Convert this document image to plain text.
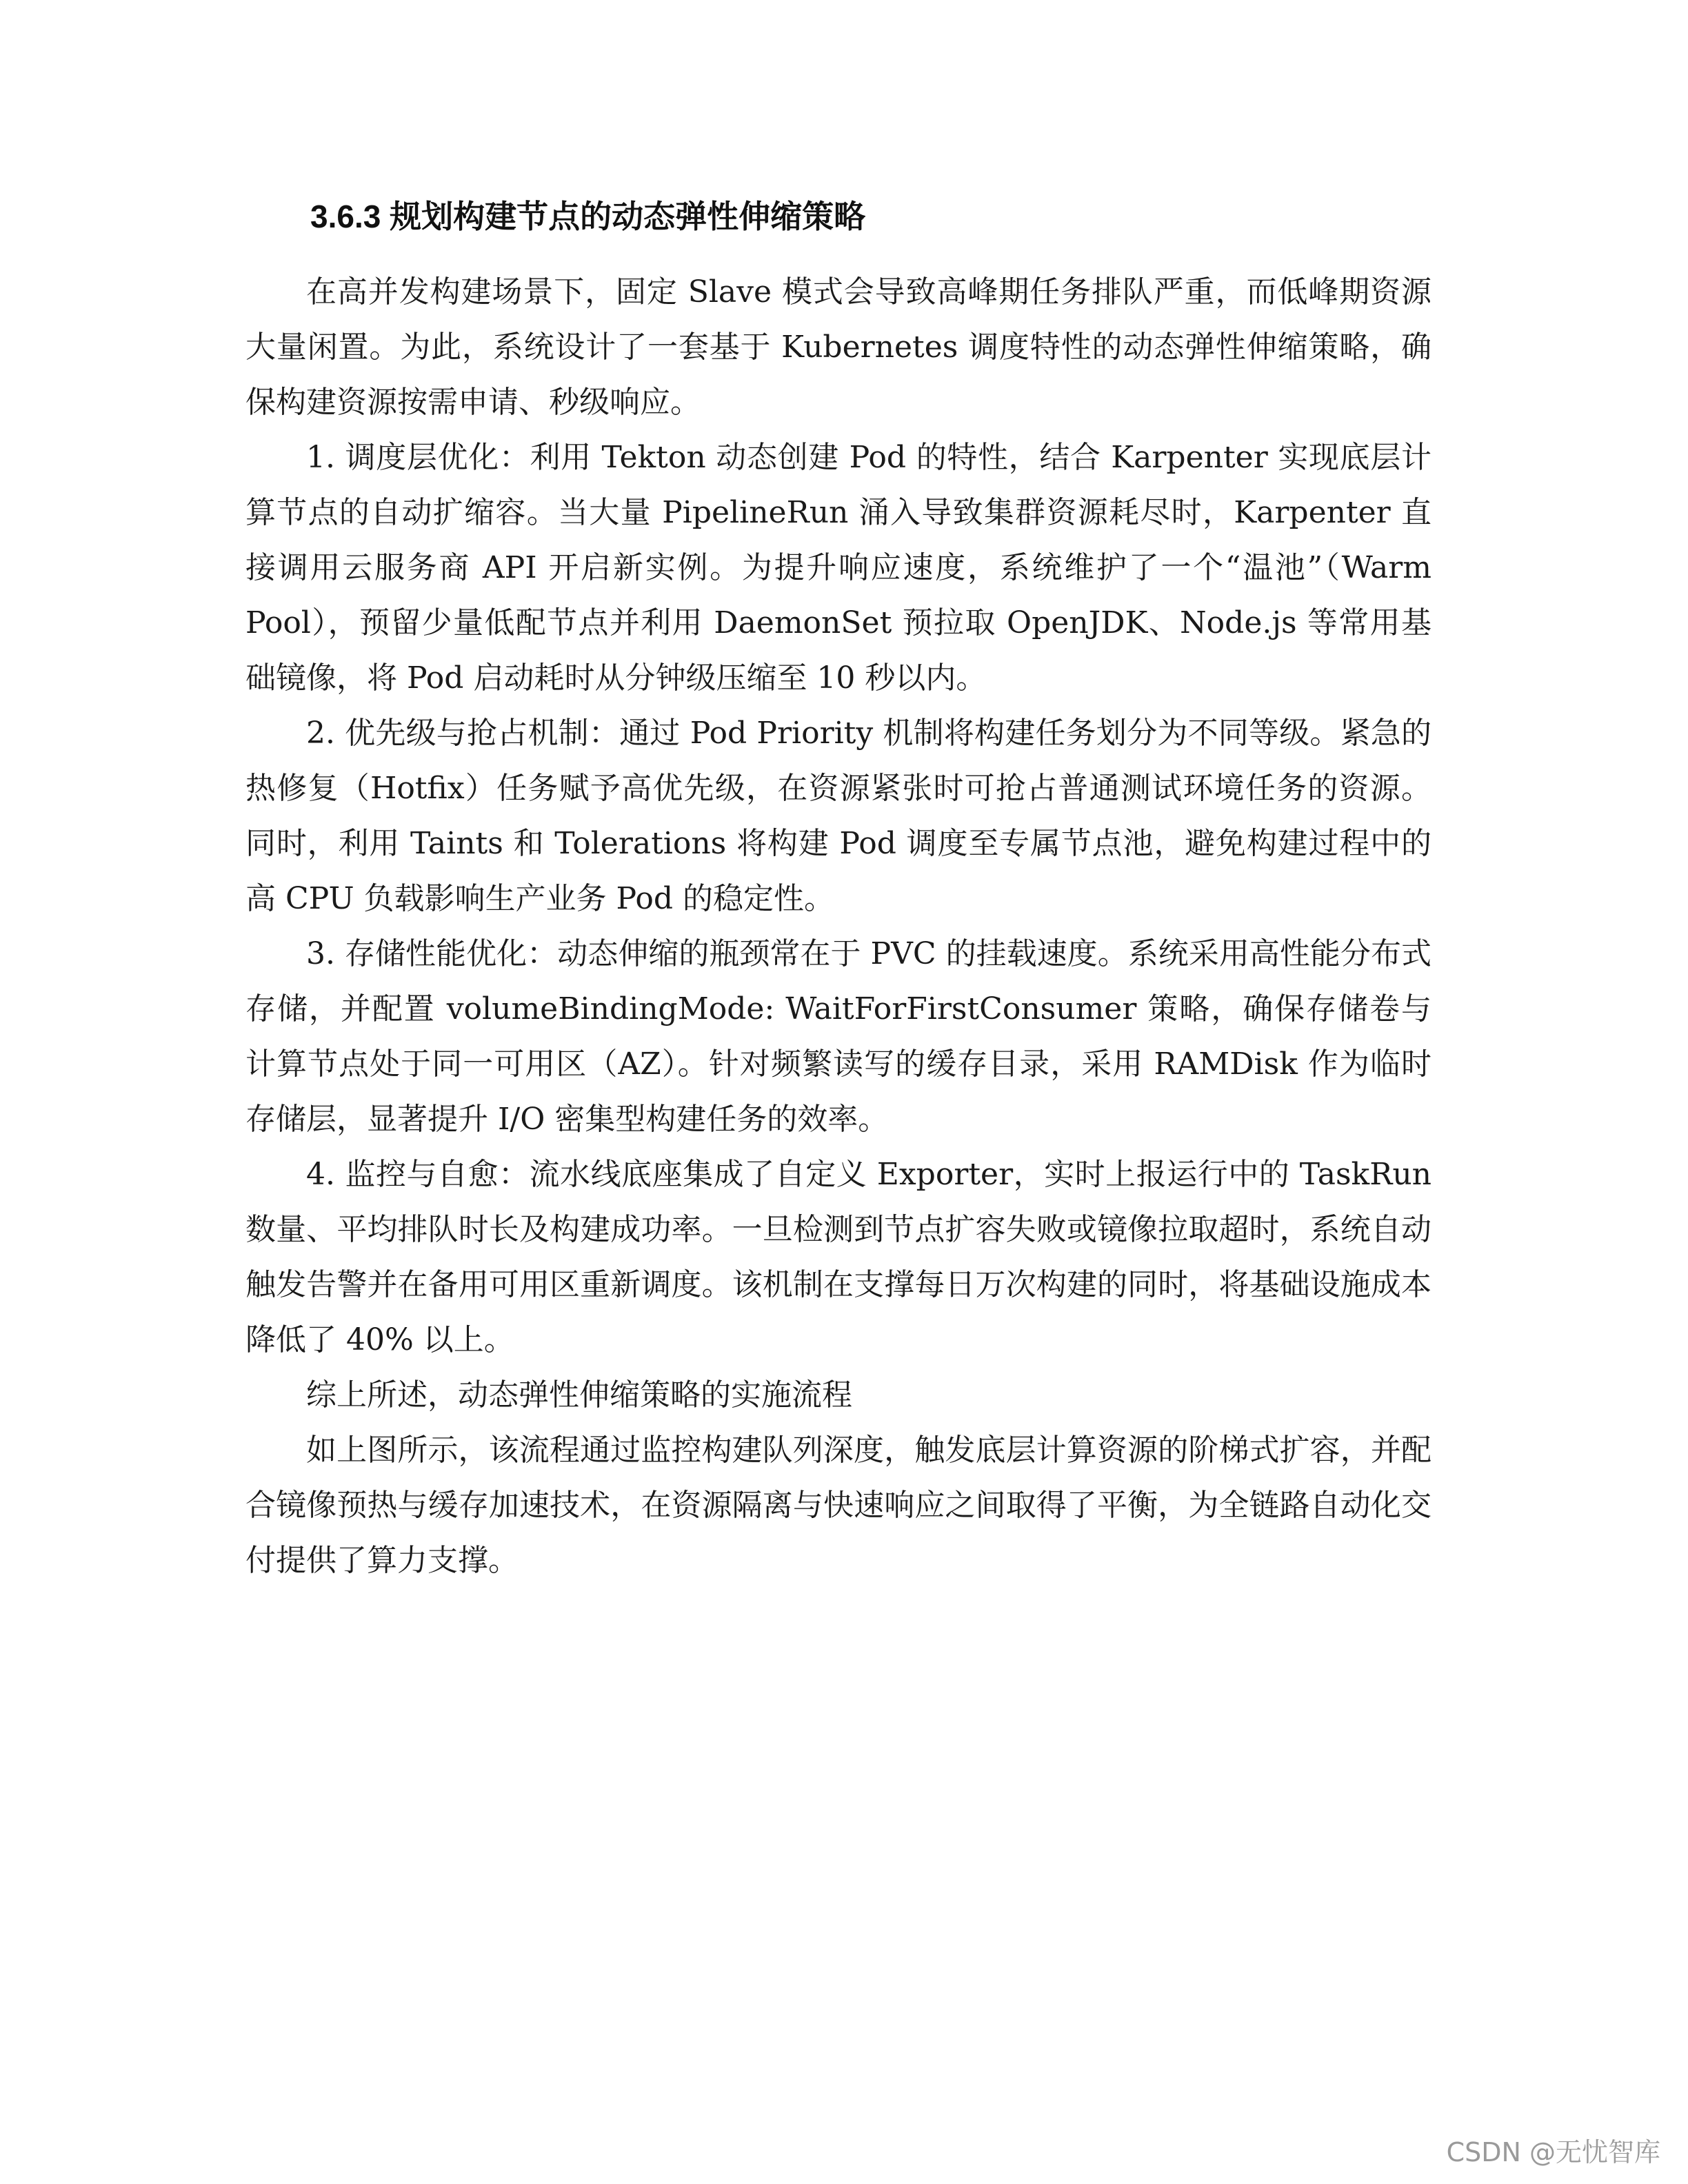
3.6.3 规划构建节点的动态弹性伸缩策略

在高并发构建场景下，固定 Slave 模式会导致高峰期任务排队严重，而低峰期资源大量闲置。为此，系统设计了一套基于 Kubernetes 调度特性的动态弹性伸缩策略，确保构建资源按需申请、秒级响应。

1. 调度层优化：利用 Tekton 动态创建 Pod 的特性，结合 Karpenter 实现底层计算节点的自动扩缩容。当大量 PipelineRun 涌入导致集群资源耗尽时，Karpenter 直接调用云服务商 API 开启新实例。为提升响应速度，系统维护了一个“温池”（Warm Pool），预留少量低配节点并利用 DaemonSet 预拉取 OpenJDK、Node.js 等常用基础镜像，将 Pod 启动耗时从分钟级压缩至 10 秒以内。

2. 优先级与抢占机制：通过 Pod Priority 机制将构建任务划分为不同等级。紧急的热修复（Hotfix）任务赋予高优先级，在资源紧张时可抢占普通测试环境任务的资源。同时，利用 Taints 和 Tolerations 将构建 Pod 调度至专属节点池，避免构建过程中的高 CPU 负载影响生产业务 Pod 的稳定性。

3. 存储性能优化：动态伸缩的瓶颈常在于 PVC 的挂载速度。系统采用高性能分布式存储，并配置 volumeBindingMode: WaitForFirstConsumer 策略，确保存储卷与计算节点处于同一可用区（AZ）。针对频繁读写的缓存目录，采用 RAMDisk 作为临时存储层，显著提升 I/O 密集型构建任务的效率。

4. 监控与自愈：流水线底座集成了自定义 Exporter，实时上报运行中的 TaskRun 数量、平均排队时长及构建成功率。一旦检测到节点扩容失败或镜像拉取超时，系统自动触发告警并在备用可用区重新调度。该机制在支撑每日万次构建的同时，将基础设施成本降低了 40% 以上。

综上所述，动态弹性伸缩策略的实施流程

如上图所示，该流程通过监控构建队列深度，触发底层计算资源的阶梯式扩容，并配合镜像预热与缓存加速技术，在资源隔离与快速响应之间取得了平衡，为全链路自动化交付提供了算力支撑。

CSDN @无忧智库
